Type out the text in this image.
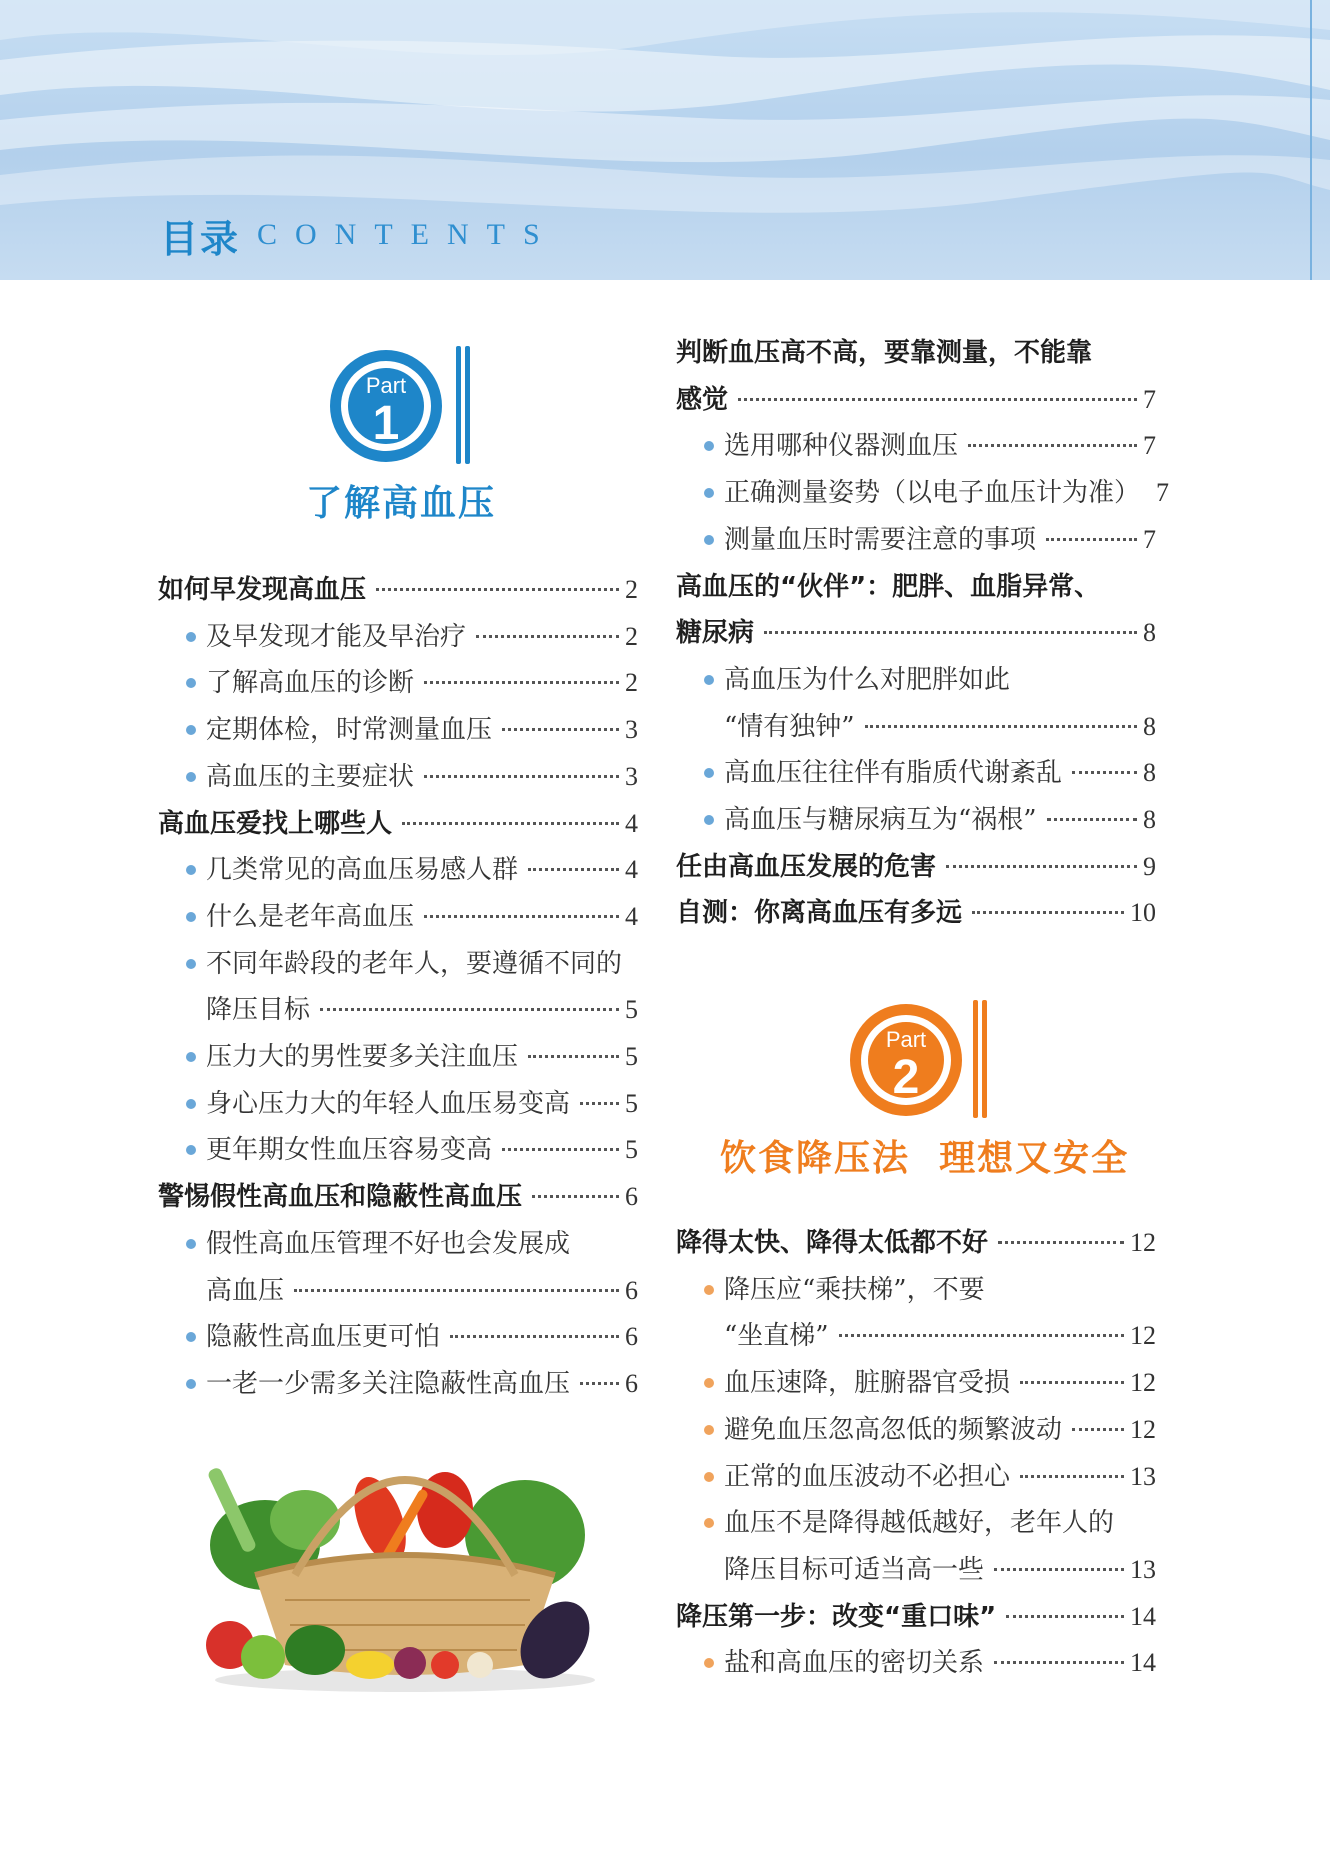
目录 CONTENTS
Part
1
了解高血压
如何早发现高血压	2
及早发现才能及早治疗	2
了解高血压的诊断	2
定期体检，时常测量血压	3
高血压的主要症状	3
高血压爱找上哪些人	4
几类常见的高血压易感人群	4
什么是老年高血压	4
不同年龄段的老年人，要遵循不同的
降压目标	5
压力大的男性要多关注血压	5
身心压力大的年轻人血压易变高 5
更年期女性血压容易变高	5
警惕假性高血压和隐蔽性高血压	6
假性高血压管理不好也会发展成
高血压	6
隐蔽性高血压更可怕	6
一老一少需多关注隐蔽性高血压 6
判断血压高不高，要靠测量，不能靠
感觉	7
选用哪种仪器测血压	7
正确测量姿势（以电子血压计为准） 7
测量血压时需要注意的事项	7
高血压的“伙伴”：肥胖、血脂异常、
糖尿病	8
高血压为什么对肥胖如此
“情有独钟”	8
高血压往往伴有脂质代谢紊乱	8
高血压与糖尿病互为“祸根”	8
任由高血压发展的危害	9
自测：你离高血压有多远	10
Part
2
饮食降压法  理想又安全
降得太快、降得太低都不好	12
降压应“乘扶梯”，不要
“坐直梯”	12
血压速降，脏腑器官受损	12
避免血压忽高忽低的频繁波动	12
正常的血压波动不必担心	13
血压不是降得越低越好，老年人的
降压目标可适当高一些	13
降压第一步：改变“重口味”	14
盐和高血压的密切关系	14
